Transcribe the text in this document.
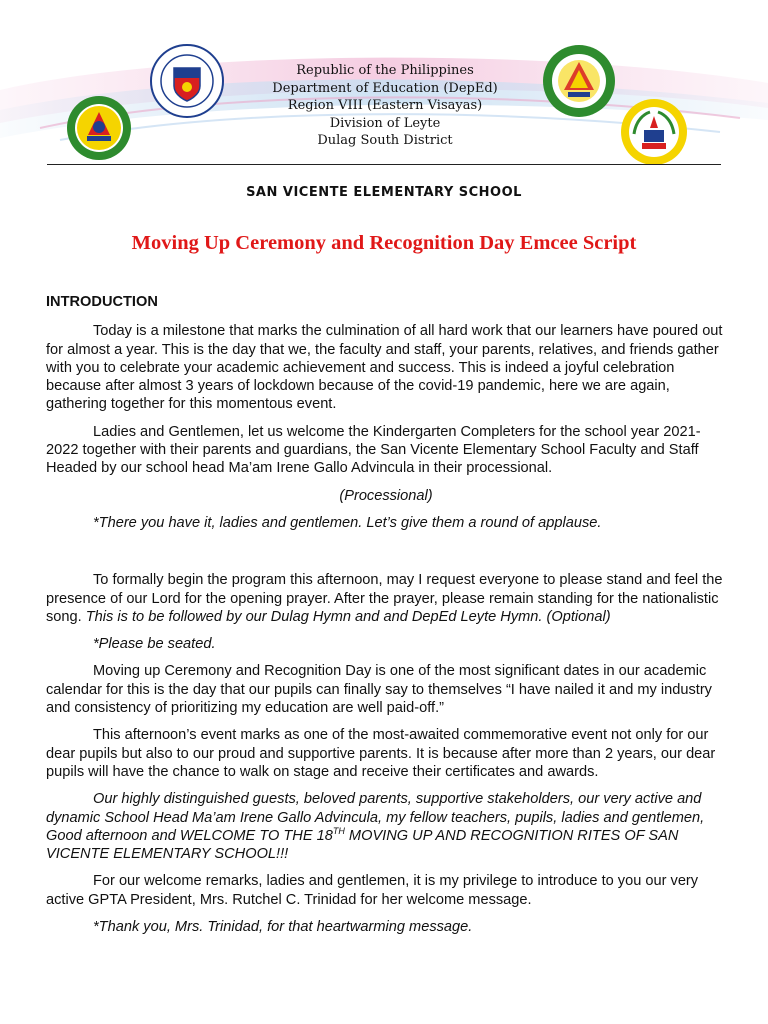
Republic of the Philippines
Department of Education (DepEd)
Region VIII (Eastern Visayas)
Division of Leyte
Dulag South District
SAN VICENTE ELEMENTARY SCHOOL
Moving Up Ceremony and Recognition Day Emcee Script

INTRODUCTION

Today is a milestone that marks the culmination of all hard work that our learners have poured out for almost a year. This is the day that we, the faculty and staff, your parents, relatives, and friends gather with you to celebrate your academic achievement and success. This is indeed a joyful celebration because after almost 3 years of lockdown because of the covid-19 pandemic, here we are again, gathering together for this momentous event.

Ladies and Gentlemen, let us welcome the Kindergarten Completers for the school year 2021-2022 together with their parents and guardians, the San Vicente Elementary School Faculty and Staff Headed by our school head Ma’am Irene Gallo Advincula in their processional.

(Processional)

*There you have it, ladies and gentlemen. Let’s give them a round of applause.

To formally begin the program this afternoon, may I request everyone to please stand and feel the presence of our Lord for the opening prayer. After the prayer, please remain standing for the nationalistic song. This is to be followed by our Dulag Hymn and and DepEd Leyte Hymn. (Optional)

*Please be seated.

Moving up Ceremony and Recognition Day is one of the most significant dates in our academic calendar for this is the day that our pupils can finally say to themselves “I have nailed it and my industry and consistency of prioritizing my education are well paid-off.”

This afternoon’s event marks as one of the most-awaited commemorative event not only for our dear pupils but also to our proud and supportive parents. It is because after more than 2 years, our dear pupils will have the chance to walk on stage and receive their certificates and awards.

Our highly distinguished guests, beloved parents, supportive stakeholders, our very active and dynamic School Head Ma’am Irene Gallo Advincula, my fellow teachers, pupils, ladies and gentlemen, Good afternoon and WELCOME TO THE 18TH MOVING UP AND RECOGNITION RITES OF SAN VICENTE ELEMENTARY SCHOOL!!!

For our welcome remarks, ladies and gentlemen, it is my privilege to introduce to you our very active GPTA President, Mrs. Rutchel C. Trinidad for her welcome message.

*Thank you, Mrs. Trinidad, for that heartwarming message.
